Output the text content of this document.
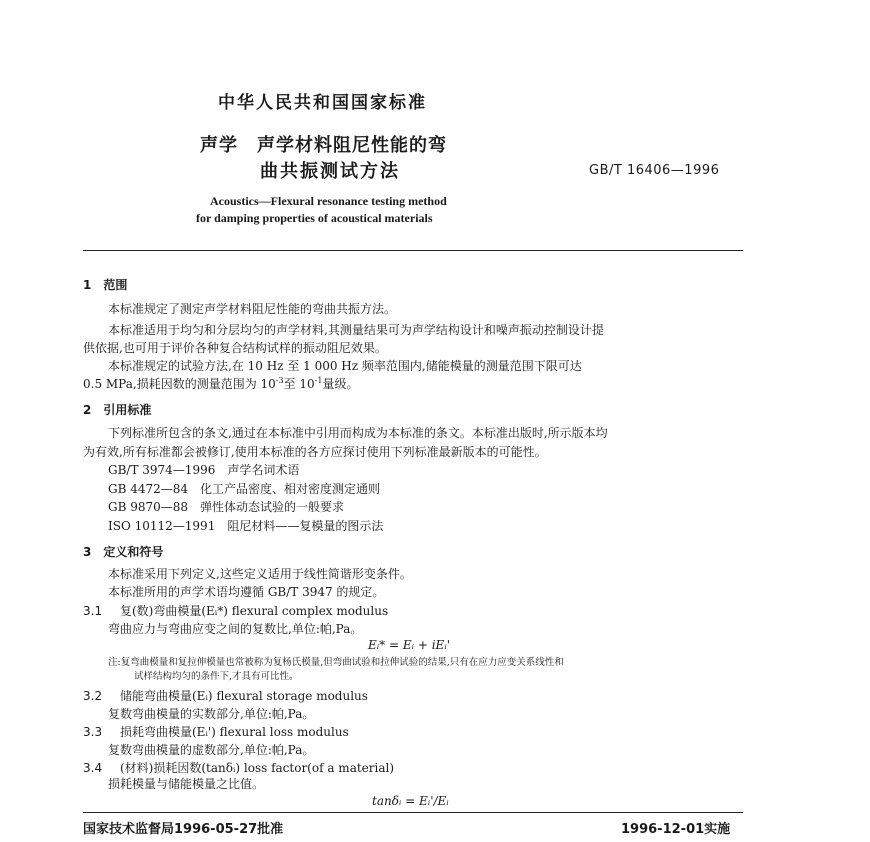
中华人民共和国国家标准
声学　声学材料阻尼性能的弯
曲共振测试方法	GB/T 16406—1996
Acoustics—Flexural resonance testing method
for damping properties of acoustical materials
1　范围
本标准规定了测定声学材料阻尼性能的弯曲共振方法。
本标准适用于均匀和分层均匀的声学材料,其测量结果可为声学结构设计和噪声振动控制设计提
供依据,也可用于评价各种复合结构试样的振动阻尼效果。
本标准规定的试验方法,在 10 Hz 至 1 000 Hz 频率范围内,储能模量的测量范围下限可达
0.5 MPa,损耗因数的测量范围为 $10^{-3}$至 $10^{-1}$量级。
2　引用标准
下列标准所包含的条文,通过在本标准中引用而构成为本标准的条文。本标准出版时,所示版本均
为有效,所有标准都会被修订,使用本标准的各方应探讨使用下列标准最新版本的可能性。
GB/T 3974—1996　声学名词术语
GB 4472—84　化工产品密度、相对密度测定通则
GB 9870—88　弹性体动态试验的一般要求
ISO 10112—1991　阻尼材料——复模量的图示法
3　定义和符号
本标准采用下列定义,这些定义适用于线性简谐形变条件。
本标准所用的声学术语均遵循 GB/T 3947 的规定。
3.1 复(数)弯曲模量(Eᵢ*) flexural complex modulus
弯曲应力与弯曲应变之间的复数比,单位:帕,Pa。
Eᵢ* = Eᵢ + iEᵢ'
注:复弯曲模量和复拉伸模量也常被称为复杨氏模量,但弯曲试验和拉伸试验的结果,只有在应力应变关系线性和
试样结构均匀的条件下,才具有可比性。
3.2 储能弯曲模量(Eᵢ) flexural storage modulus
复数弯曲模量的实数部分,单位:帕,Pa。
3.3 损耗弯曲模量(Eᵢ') flexural loss modulus
复数弯曲模量的虚数部分,单位:帕,Pa。
3.4 (材料)损耗因数(tanδᵢ) loss factor(of a material)
损耗模量与储能模量之比值。
tanδᵢ = Eᵢ'/Eᵢ
国家技术监督局1996-05-27批准	1996-12-01实施
